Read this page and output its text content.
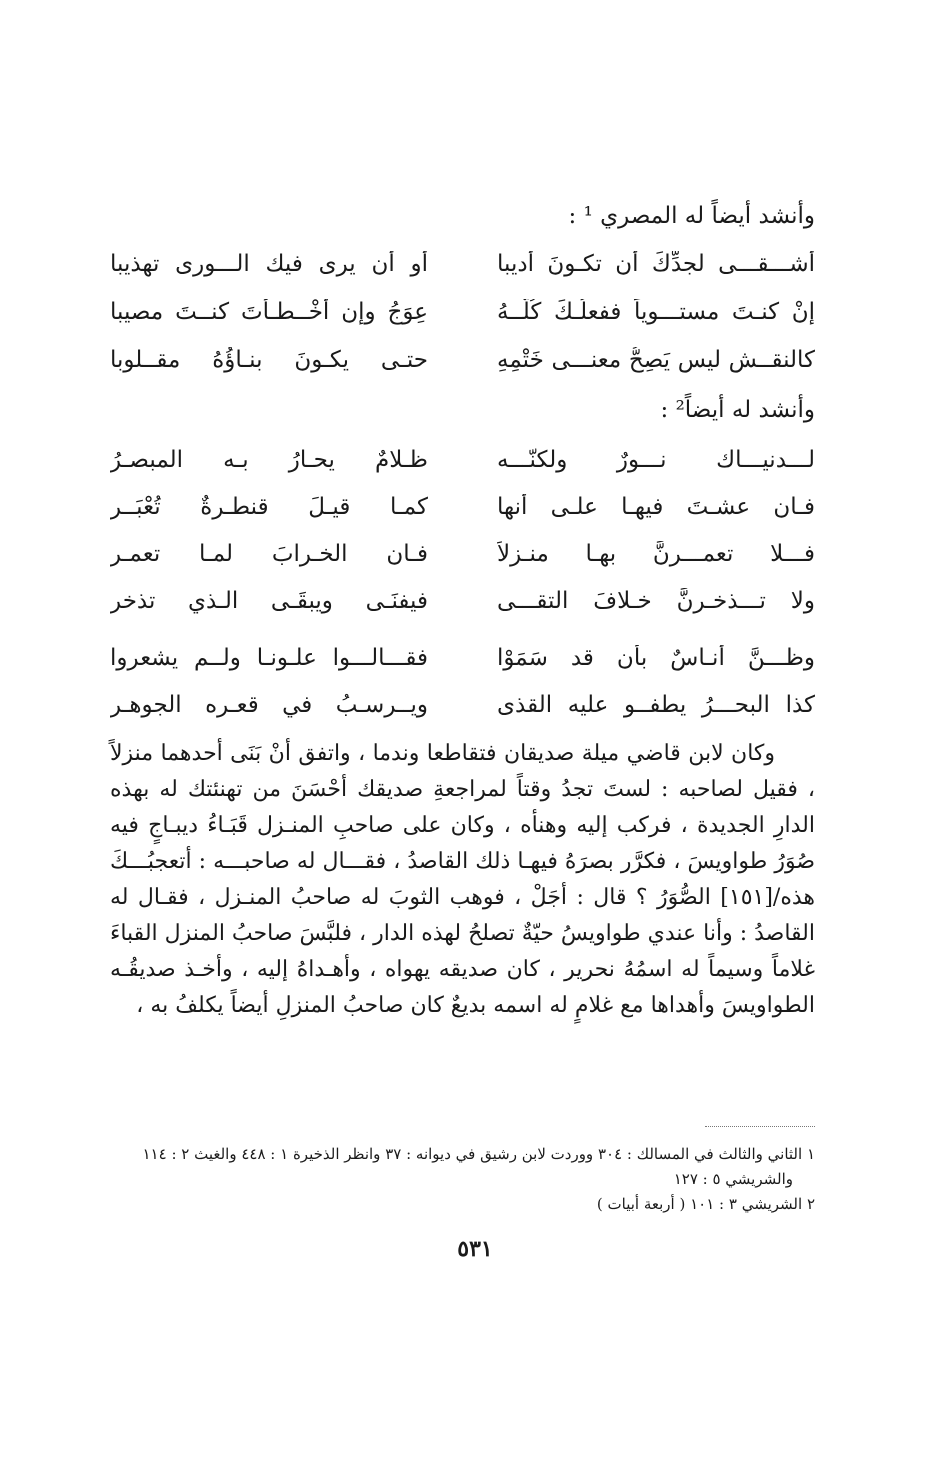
وأنشد أيضاً له المصري ¹ :

أشـــقـــى لجدِّكَ أن تكـونَ أديبا
أو أن يرى فيك الـــورى تهذيبا
إنْ كنـتَ مستـــوياً ففعلُـكَ كُلُّــهُ
عِوَجُ وإن أخْــطـأتَ كنــتَ مصيبا
كالنقــشِ ليس يَصِحُّ معنـــى خَتْمِهِ
حتـى يكـونَ بنـاؤُهُ مقــلوبا

وأنشد له أيضاً² :

لـــدنيـــاك نـــورٌ ولكنّـــه
ظـلامٌ يحـارُ بـه المبصـرُ
فـان عشـتَ فيهـا علـى أنها
كمـا قيـلَ قنطـرةٌ تُعْبَــر
فـــلا تعمـــرنَّ بهـا منـزلاً
فـان الخـرابَ لمـا تعمـر
ولا تـــذخـرنَّ خـلافَ التقـــى
فيفنَـى ويبقَـى الـذي تذخر
وظـــنَّ أنـاسٌ بأن قد سَمَوْا
فقـــالـــوا علـونـا ولــم يشعروا
كذا البحـــرُ يطفــو عليه القذى
ويــرسـبُ في قعـره الجوهـر

وكان لابن قاضي ميلة صديقان فتقاطعا وندما ، واتفق أنْ بَنَى أحدهما منزلاً ، فقيل لصاحبه : لستَ تجدُ وقتاً لمراجعةِ صديقك أحْسَنَ من تهنئتك له بهذه الدارِ الجديدة ، فركب إليه وهنأه ، وكان على صاحبِ المنـزل قَبَـاءُ ديبـاجٍ فيه صُوَرُ طواويسَ ، فكرَّر بصرَهُ فيهـا ذلك القاصدُ ، فقـــال له صاحبـــه : أتعجبُـــكَ هذه/[١٥١] الصُّوَرُ ؟ قال : أجَلْ ، فوهب الثوبَ له صاحبُ المنـزل ، فقـال له القاصدُ : وأنا عندي طواويسُ حيّةٌ تصلحُ لهذه الدار ، فلبَّسَ صاحبُ المنزل القباءَ غلاماً وسيماً له اسمُهُ نحرير ، كان صديقه يهواه ، وأهـداهُ إليه ، وأخـذ صديقُـه الطواويسَ وأهداها مع غلامٍ له اسمه بديعٌ كان صاحبُ المنزلِ أيضاً يكلفُ به ،

١ الثاني والثالث في المسالك : ٣٠٤ ووردت لابن رشيق في ديوانه : ٣٧ وانظر الذخيرة ١ : ٤٤٨ والغيث ٢ : ١١٤

والشريشي ٥ : ١٢٧

٢ الشريشي ٣ : ١٠١ ( أربعة أبيات )

٥٣١
